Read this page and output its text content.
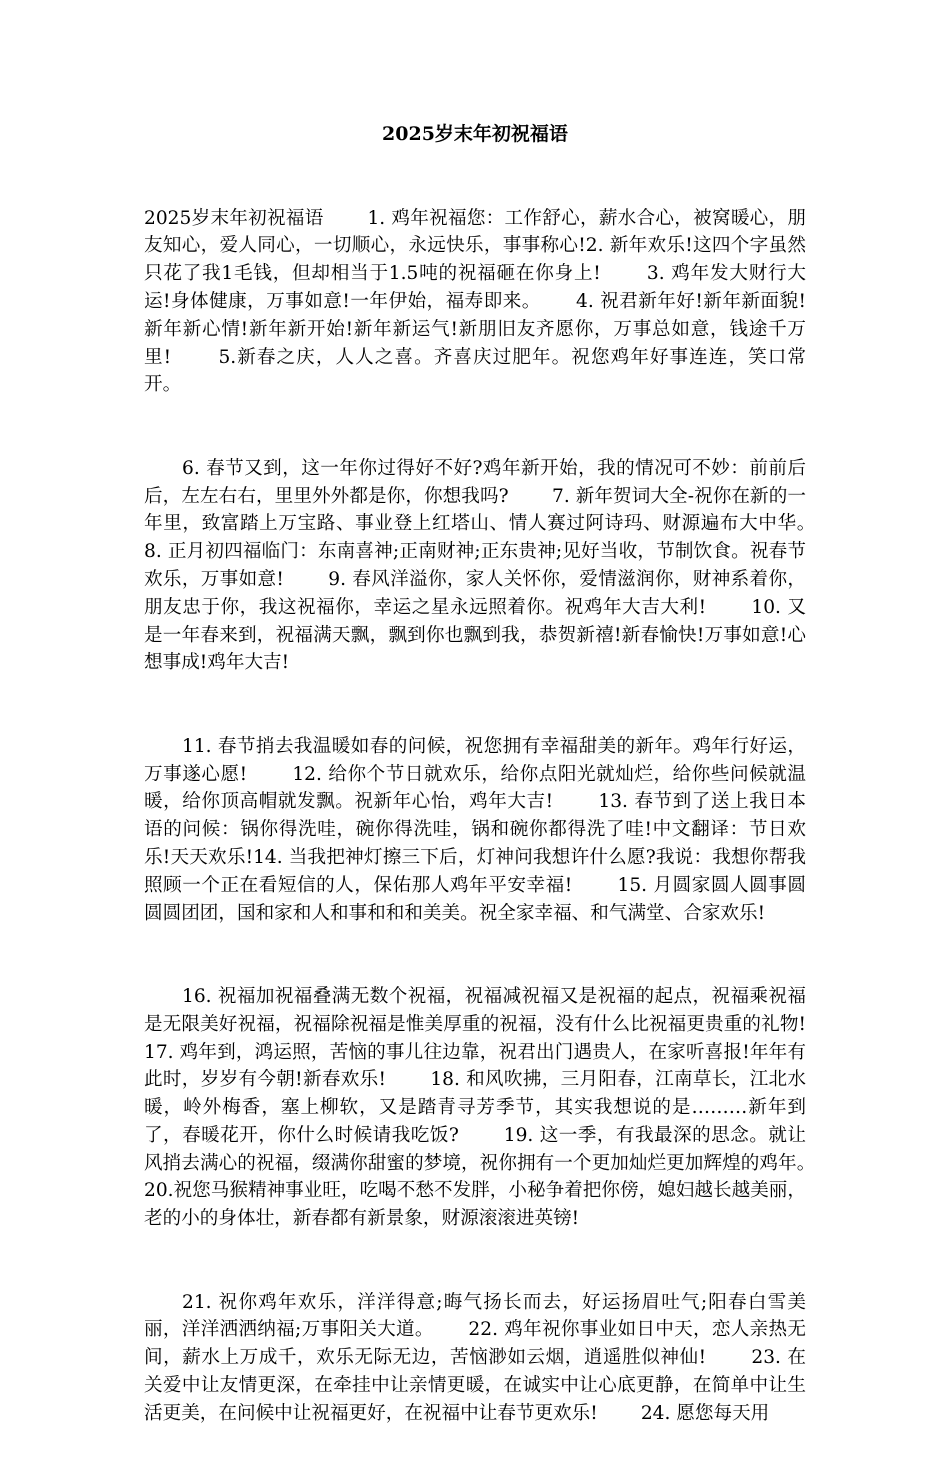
2025岁末年初祝福语

2025岁末年初祝福语　　 1. 鸡年祝福您：工作舒心，薪水合心，被窝暖心，朋友知心，爱人同心，一切顺心，永远快乐，事事称心!2. 新年欢乐!这四个字虽然只花了我1毛钱，但却相当于1.5吨的祝福砸在你身上!　　 3. 鸡年发大财行大运!身体健康，万事如意!一年伊始，福寿即来。　　 4. 祝君新年好!新年新面貌!新年新心情!新年新开始!新年新运气!新朋旧友齐愿你，万事总如意，钱途千万里!　　 5.新春之庆，人人之喜。齐喜庆过肥年。祝您鸡年好事连连，笑口常开。

6. 春节又到，这一年你过得好不好?鸡年新开始，我的情况可不妙：前前后后，左左右右，里里外外都是你，你想我吗?　　 7. 新年贺词大全-祝你在新的一年里，致富踏上万宝路、事业登上红塔山、情人赛过阿诗玛、财源遍布大中华。　　 8. 正月初四福临门：东南喜神;正南财神;正东贵神;见好当收，节制饮食。祝春节欢乐，万事如意!　　 9. 春风洋溢你，家人关怀你，爱情滋润你，财神系着你，朋友忠于你，我这祝福你，幸运之星永远照着你。祝鸡年大吉大利!　　 10. 又是一年春来到，祝福满天飘，飘到你也飘到我，恭贺新禧!新春愉快!万事如意!心想事成!鸡年大吉!

11. 春节捎去我温暖如春的问候，祝您拥有幸福甜美的新年。鸡年行好运，万事遂心愿!　　 12. 给你个节日就欢乐，给你点阳光就灿烂，给你些问候就温暖，给你顶高帽就发飘。祝新年心怡，鸡年大吉!　　 13. 春节到了送上我日本语的问候：锅你得洗哇，碗你得洗哇，锅和碗你都得洗了哇!中文翻译：节日欢乐!天天欢乐!14. 当我把神灯擦三下后，灯神问我想许什么愿?我说：我想你帮我照顾一个正在看短信的人，保佑那人鸡年平安幸福!　　 15. 月圆家圆人圆事圆圆圆团团，国和家和人和事和和和美美。祝全家幸福、和气满堂、合家欢乐!

16. 祝福加祝福叠满无数个祝福，祝福减祝福又是祝福的起点，祝福乘祝福是无限美好祝福，祝福除祝福是惟美厚重的祝福，没有什么比祝福更贵重的礼物!　　 17. 鸡年到，鸿运照，苦恼的事儿往边靠，祝君出门遇贵人，在家听喜报!年年有此时，岁岁有今朝!新春欢乐!　　 18. 和风吹拂，三月阳春，江南草长，江北水暖，岭外梅香，塞上柳软，又是踏青寻芳季节，其实我想说的是………新年到了，春暖花开，你什么时候请我吃饭?　　 19. 这一季，有我最深的思念。就让风捎去满心的祝福，缀满你甜蜜的梦境，祝你拥有一个更加灿烂更加辉煌的鸡年。　　 20.祝您马猴精神事业旺，吃喝不愁不发胖，小秘争着把你傍，媳妇越长越美丽，老的小的身体壮，新春都有新景象，财源滚滚进英镑!

21. 祝你鸡年欢乐，洋洋得意;晦气扬长而去，好运扬眉吐气;阳春白雪美丽，洋洋洒洒纳福;万事阳关大道。　　 22. 鸡年祝你事业如日中天，恋人亲热无间，薪水上万成千，欢乐无际无边，苦恼渺如云烟，逍遥胜似神仙!　　 23. 在关爱中让友情更深，在牵挂中让亲情更暖，在诚实中让心底更静，在简单中让生活更美，在问候中让祝福更好，在祝福中让春节更欢乐!　　 24. 愿您每天用
